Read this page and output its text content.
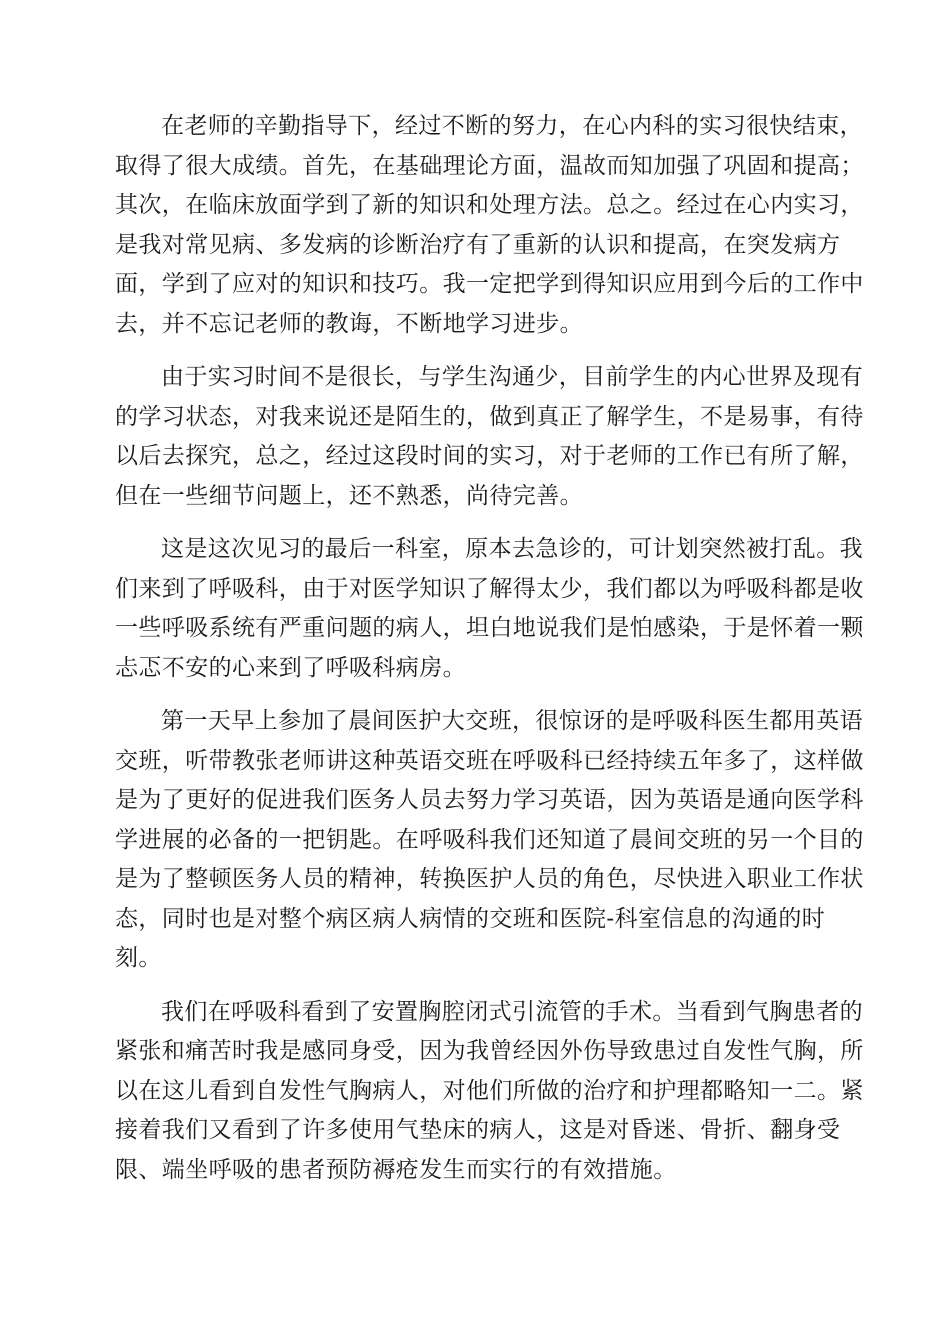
在老师的辛勤指导下，经过不断的努力，在心内科的实习很快结束，
取得了很大成绩。首先，在基础理论方面，温故而知加强了巩固和提高；
其次，在临床放面学到了新的知识和处理方法。总之。经过在心内实习，
是我对常见病、多发病的诊断治疗有了重新的认识和提高，在突发病方
面，学到了应对的知识和技巧。我一定把学到得知识应用到今后的工作中
去，并不忘记老师的教诲，不断地学习进步。

由于实习时间不是很长，与学生沟通少，目前学生的内心世界及现有
的学习状态，对我来说还是陌生的，做到真正了解学生，不是易事，有待
以后去探究，总之，经过这段时间的实习，对于老师的工作已有所了解，
但在一些细节问题上，还不熟悉，尚待完善。

这是这次见习的最后一科室，原本去急诊的，可计划突然被打乱。我
们来到了呼吸科，由于对医学知识了解得太少，我们都以为呼吸科都是收
一些呼吸系统有严重问题的病人，坦白地说我们是怕感染，于是怀着一颗
忐忑不安的心来到了呼吸科病房。

第一天早上参加了晨间医护大交班，很惊讶的是呼吸科医生都用英语
交班，听带教张老师讲这种英语交班在呼吸科已经持续五年多了，这样做
是为了更好的促进我们医务人员去努力学习英语，因为英语是通向医学科
学进展的必备的一把钥匙。在呼吸科我们还知道了晨间交班的另一个目的
是为了整顿医务人员的精神，转换医护人员的角色，尽快进入职业工作状
态，同时也是对整个病区病人病情的交班和医院-科室信息的沟通的时
刻。

我们在呼吸科看到了安置胸腔闭式引流管的手术。当看到气胸患者的
紧张和痛苦时我是感同身受，因为我曾经因外伤导致患过自发性气胸，所
以在这儿看到自发性气胸病人，对他们所做的治疗和护理都略知一二。紧
接着我们又看到了许多使用气垫床的病人，这是对昏迷、骨折、翻身受
限、端坐呼吸的患者预防褥疮发生而实行的有效措施。
